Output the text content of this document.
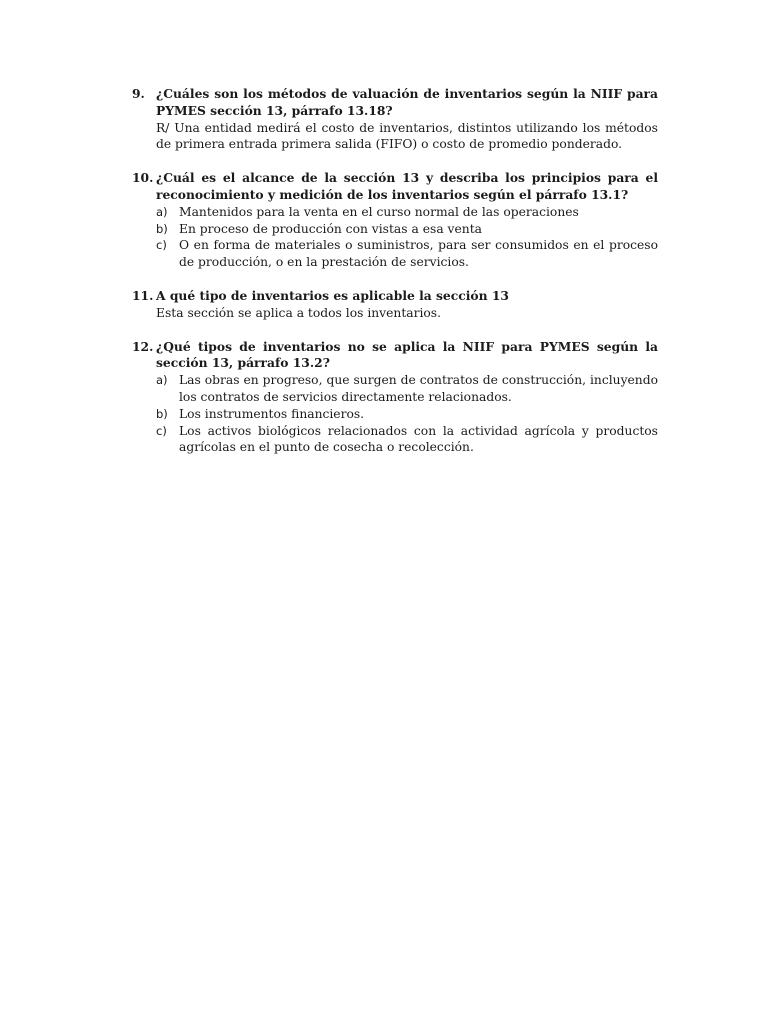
9. ¿Cuáles son los métodos de valuación de inventarios según la NIIF para PYMES sección 13, párrafo 13.18?

R/ Una entidad medirá el costo de inventarios, distintos utilizando los métodos de primera entrada primera salida (FIFO) o costo de promedio ponderado.

10. ¿Cuál es el alcance de la sección 13 y describa los principios para el reconocimiento y medición de los inventarios según el párrafo 13.1?

a) Mantenidos para la venta en el curso normal de las operaciones
b) En proceso de producción con vistas a esa venta
c) O en forma de materiales o suministros, para ser consumidos en el proceso de producción, o en la prestación de servicios.
11. A qué tipo de inventarios es aplicable la sección 13

Esta sección se aplica a todos los inventarios.

12. ¿Qué tipos de inventarios no se aplica la NIIF para PYMES según la sección 13, párrafo 13.2?

a) Las obras en progreso, que surgen de contratos de construcción, incluyendo los contratos de servicios directamente relacionados.
b) Los instrumentos financieros.
c) Los activos biológicos relacionados con la actividad agrícola y productos agrícolas en el punto de cosecha o recolección.
